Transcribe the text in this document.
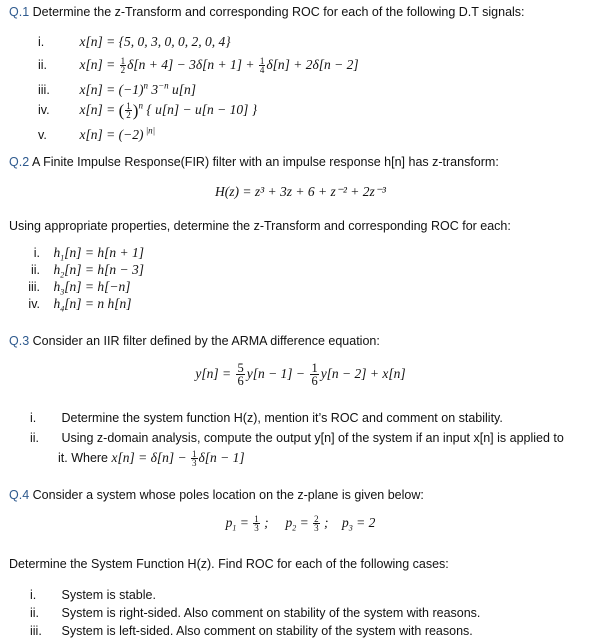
Q.1 Determine the z-Transform and corresponding ROC for each of the following D.T signals:
i.	x[n] = {5, 0, 3, 0, 0, 2, 0, 4}
ii. $x[n] = \frac{1}{2} \delta[n + 4] - 3\delta[n + 1] + \frac{1}{4} \delta[n] + 2\delta[n - 2]$
iii. $x[n] = (-1)^n$ $3^{-n}$ u[n]
iv. x[n] = ( $\frac{1}{2} )^n$ { u[n] − u[n − 10] }
v. x[n] = (−2) $^{|n|}$
Q.2 A Finite Impulse Response(FIR) filter with an impulse response h[n] has z-transform:
H(z) = z³ + 3z + 6 + z⁻² + 2z⁻³
Using appropriate properties, determine the z-Transform and corresponding ROC for each:
i. $h_1[n] = h[n + 1]$
ii. $h_2[n] = h[n - 3]$
iii. $h_3[n] = h[-n]$
iv. $h_4[n] = n$ h[n]
Q.3 Consider an IIR filter defined by the ARMA difference equation:
$y[n] = \frac{5}{6} y[n - 1] - \frac{1}{6} y[n - 2] + x[n]$
i. Determine the system function H(z), mention it’s ROC and comment on stability.
ii. Using z-domain analysis, compute the output y[n] of the system if an input x[n] is applied to
it. Where $x[n] = \delta[n] - \frac{1}{3} \delta[n - 1]$
Q.4 Consider a system whose poles location on the z-plane is given below:
$p_1 = \frac{1}{3}$ ;     $p_2 = \frac{2}{3}$ ;    $p_3 = 2$
Determine the System Function H(z). Find ROC for each of the following cases:
i. System is stable.
ii. System is right-sided. Also comment on stability of the system with reasons.
iii. System is left-sided. Also comment on stability of the system with reasons.
